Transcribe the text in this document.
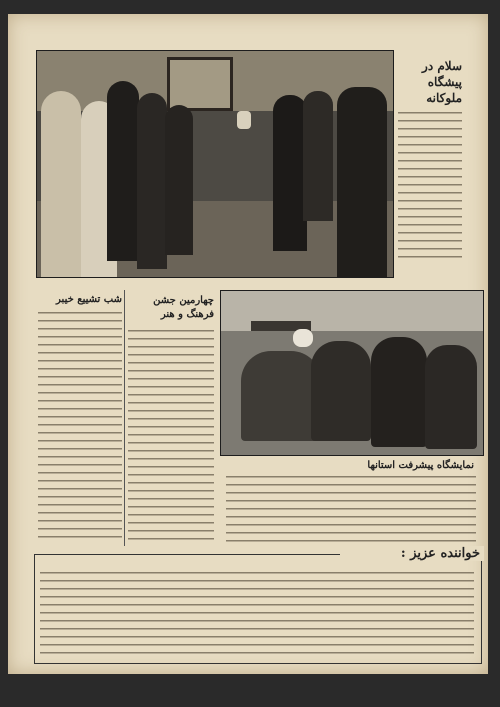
سلام در پیشگاه ملوکانه
نمایشگاه پیشرفت استانها
چهارمین جشن فرهنگ و هنر
شب تشییع خیبر
خواننده عزیز :
